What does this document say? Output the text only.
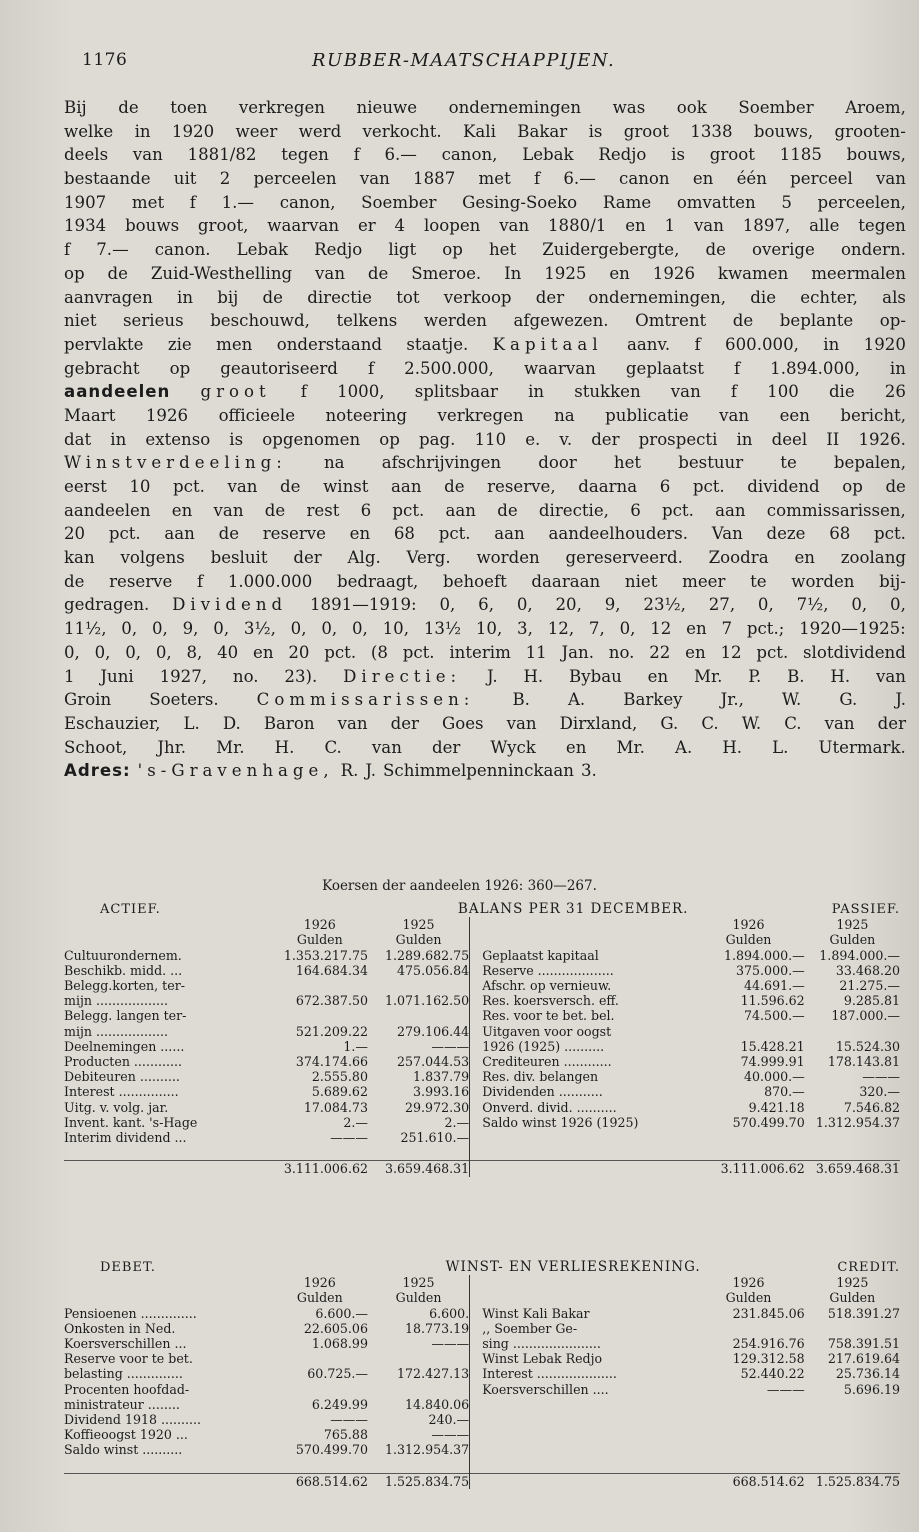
1176	RUBBER-MAATSCHAPPIJEN.
Bij de toen verkregen nieuwe ondernemingen was ook Soember Aroem,
welke in 1920 weer werd verkocht. Kali Bakar is groot 1338 bouws, grooten-
deels van 1881/82 tegen f 6.— canon, Lebak Redjo is groot 1185 bouws,
bestaande uit 2 perceelen van 1887 met f 6.— canon en één perceel van
1907 met f 1.— canon, Soember Gesing-Soeko Rame omvatten 5 perceelen,
1934 bouws groot, waarvan er 4 loopen van 1880/1 en 1 van 1897, alle tegen
f 7.— canon. Lebak Redjo ligt op het Zuidergebergte, de overige ondern.
op de Zuid-Westhelling van de Smeroe. In 1925 en 1926 kwamen meermalen
aanvragen in bij de directie tot verkoop der ondernemingen, die echter, als
niet serieus beschouwd, telkens werden afgewezen. Omtrent de beplante op-
pervlakte zie men onderstaand staatje. Kapitaal aanv. f 600.000, in 1920
gebracht op geautoriseerd f 2.500.000, waarvan geplaatst f 1.894.000, in
aandeelen groot f 1000, splitsbaar in stukken van f 100 die 26
Maart 1926 officieele noteering verkregen na publicatie van een bericht,
dat in extenso is opgenomen op pag. 110 e. v. der prospecti in deel II 1926.
Winstverdeeling: na afschrijvingen door het bestuur te bepalen,
eerst 10 pct. van de winst aan de reserve, daarna 6 pct. dividend op de
aandeelen en van de rest 6 pct. aan de directie, 6 pct. aan commissarissen,
20 pct. aan de reserve en 68 pct. aan aandeelhouders. Van deze 68 pct.
kan volgens besluit der Alg. Verg. worden gereserveerd. Zoodra en zoolang
de reserve f 1.000.000 bedraagt, behoeft daaraan niet meer te worden bij-
gedragen. Dividend 1891—1919: 0, 6, 0, 20, 9, 23½, 27, 0, 7½, 0, 0,
11½, 0, 0, 9, 0, 3½, 0, 0, 0, 10, 13½ 10, 3, 12, 7, 0, 12 en 7 pct.; 1920—1925:
0, 0, 0, 0, 8, 40 en 20 pct. (8 pct. interim 11 Jan. no. 22 en 12 pct. slotdividend
1 Juni 1927, no. 23). Directie: J. H. Bybau en Mr. P. B. H. van
Groin Soeters. Commissarissen: B. A. Barkey Jr., W. G. J.
Eschauzier, L. D. Baron van der Goes van Dirxland, G. C. W. C. van der
Schoot, Jhr. Mr. H. C. van der Wyck en Mr. A. H. L. Utermark.
Adres: 's-Gravenhage, R. J. Schimmelpenninckaan 3.
Koersen der aandeelen 1926: 360—267.
ACTIEF.	BALANS PER 31 DECEMBER.					PASSIEF.
	1926	1925			1926	1925
	Gulden	Gulden			Gulden	Gulden
Cultuurondernem.	1.353.217.75	1.289.682.75		Geplaatst kapitaal	1.894.000.—	1.894.000.—
Beschikb. midd. ...	164.684.34	475.056.84		Reserve ...................	375.000.—	33.468.20
Belegg.korten, ter-				Afschr. op vernieuw.	44.691.—	21.275.—
mijn ..................	672.387.50	1.071.162.50		Res. koersversch. eff.	11.596.62	9.285.81
Belegg. langen ter-				Res. voor te bet. bel.	74.500.—	187.000.—
mijn ..................	521.209.22	279.106.44		Uitgaven voor oogst		
Deelnemingen ......	1.—	———		1926 (1925) ..........	15.428.21	15.524.30
Producten ............	374.174.66	257.044.53		Crediteuren ............	74.999.91	178.143.81
Debiteuren ..........	2.555.80	1.837.79		Res. div. belangen	40.000.—	———
Interest ...............	5.689.62	3.993.16		Dividenden ...........	870.—	320.—
Uitg. v. volg. jar.	17.084.73	29.972.30		Onverd. divid. ..........	9.421.18	7.546.82
Invent. kant. 's-Hage	2.—	2.—		Saldo winst 1926 (1925)	570.499.70	1.312.954.37
Interim dividend ...	———	251.610.—				

	3.111.006.62	3.659.468.31			3.111.006.62	3.659.468.31
DEBET.	WINST- EN VERLIESREKENING.					CREDIT.
	1926	1925			1926	1925
	Gulden	Gulden			Gulden	Gulden
Pensioenen ..............	6.600.—	6.600.		Winst Kali Bakar	231.845.06	518.391.27
Onkosten in Ned.	22.605.06	18.773.19		,, Soember Ge-		
Koersverschillen ...	1.068.99	———		sing ......................	254.916.76	758.391.51
Reserve voor te bet.				Winst Lebak Redjo	129.312.58	217.619.64
belasting ..............	60.725.—	172.427.13		Interest ....................	52.440.22	25.736.14
Procenten hoofdad-				Koersverschillen ....	———	5.696.19
ministrateur ........	6.249.99	14.840.06				
Dividend 1918 ..........	———	240.—				
Koffieoogst 1920 ...	765.88	———				
Saldo winst ..........	570.499.70	1.312.954.37				

	668.514.62	1.525.834.75			668.514.62	1.525.834.75
